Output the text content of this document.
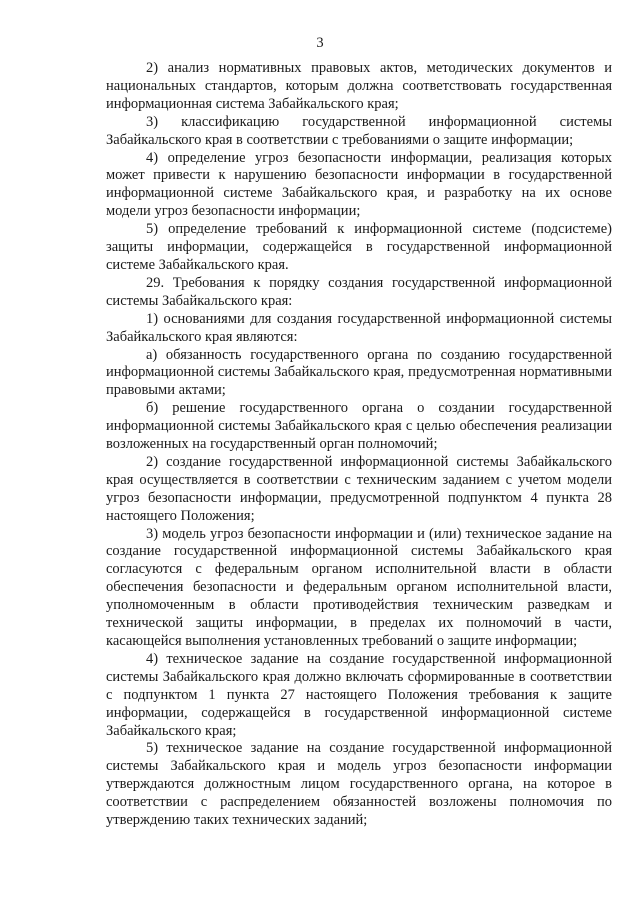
3

2) анализ нормативных правовых актов, методических документов и национальных стандартов, которым должна соответствовать государственная информационная система Забайкальского края;

3) классификацию государственной информационной системы Забайкальского края в соответствии с требованиями о защите информации;

4) определение угроз безопасности информации, реализация которых может привести к нарушению безопасности информации в государственной информационной системе Забайкальского края, и разработку на их основе модели угроз безопасности информации;

5) определение требований к информационной системе (подсистеме) защиты информации, содержащейся в государственной информационной системе Забайкальского края.

29. Требования к порядку создания государственной информационной системы Забайкальского края:

1) основаниями для создания государственной информационной системы Забайкальского края являются:

а) обязанность государственного органа по созданию государственной информационной системы Забайкальского края, предусмотренная нормативными правовыми актами;

б) решение государственного органа о создании государственной информационной системы Забайкальского края с целью обеспечения реализации возложенных на государственный орган полномочий;

2) создание государственной информационной системы Забайкальского края осуществляется в соответствии с техническим заданием с учетом модели угроз безопасности информации, предусмотренной подпунктом 4 пункта 28 настоящего Положения;

3) модель угроз безопасности информации и (или) техническое задание на создание государственной информационной системы Забайкальского края согласуются с федеральным органом исполнительной власти в области обеспечения безопасности и федеральным органом исполнительной власти, уполномоченным в области противодействия техническим разведкам и технической защиты информации, в пределах их полномочий в части, касающейся выполнения установленных требований о защите информации;

4) техническое задание на создание государственной информационной системы Забайкальского края должно включать сформированные в соответствии с подпунктом 1 пункта 27 настоящего Положения требования к защите информации, содержащейся в государственной информационной системе Забайкальского края;

5) техническое задание на создание государственной информационной системы Забайкальского края и модель угроз безопасности информации утверждаются должностным лицом государственного органа, на которое в соответствии с распределением обязанностей возложены полномочия по утверждению таких технических заданий;
